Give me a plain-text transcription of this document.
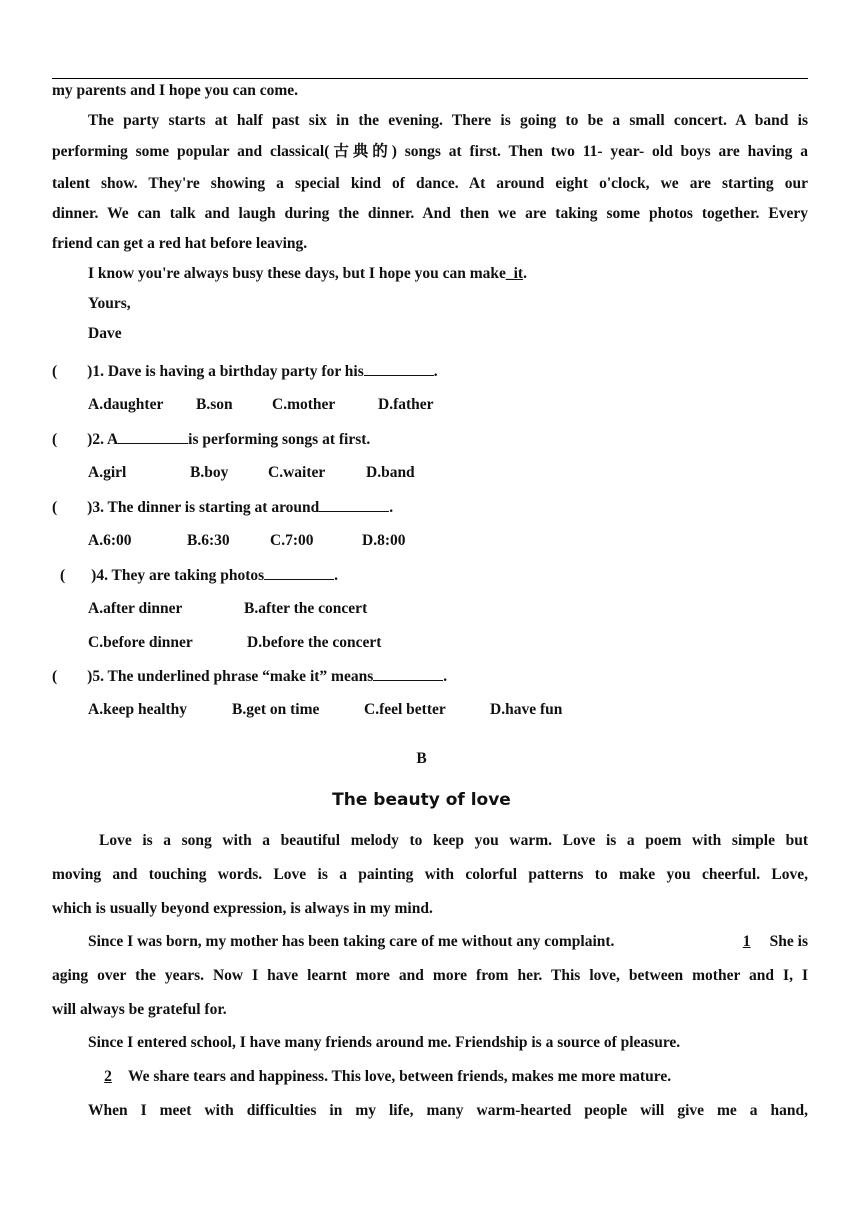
my parents and I hope you can come.
The party starts at half past six in the evening. There is going to be a small concert. A band is
performing some popular and classical(古典的) songs at first. Then two 11- year- old boys are having a
talent show. They're showing a special kind of dance. At around eight o'clock, we are starting our
dinner. We can talk and laugh during the dinner. And then we are taking some photos together. Every
friend can get a red hat before leaving.
I know you're always busy these days, but I hope you can make_it.
Yours,
Dave
( )1. Dave is having a birthday party for his	.
A.daughter B.son	C.mother	D.father
( )2. A	is performing songs at first.
A.girl	B.boy	C.waiter	D.band
( )3. The dinner is starting at around	.
A.6:00	B.6:30	C.7:00	D.8:00
( )4. They are taking photos	.
A.after dinner	B.after the concert
C.before dinner	D.before the concert
( )5. The underlined phrase “make it” means	.
A.keep healthy	B.get on time	C.feel better	D.have fun
B
The beauty of love
Love is a song with a beautiful melody to keep you warm. Love is a poem with simple but
moving and touching words. Love is a painting with colorful patterns to make you cheerful. Love,
which is usually beyond expression, is always in my mind.
Since I was born, my mother has been taking care of me without any complaint.	1 She is
aging over the years. Now I have learnt more and more from her. This love, between mother and I, I
will always be grateful for.
Since I entered school, I have many friends around me. Friendship is a source of pleasure.
2 We share tears and happiness. This love, between friends, makes me more mature.
When I meet with difficulties in my life, many warm-hearted people will give me a hand,
